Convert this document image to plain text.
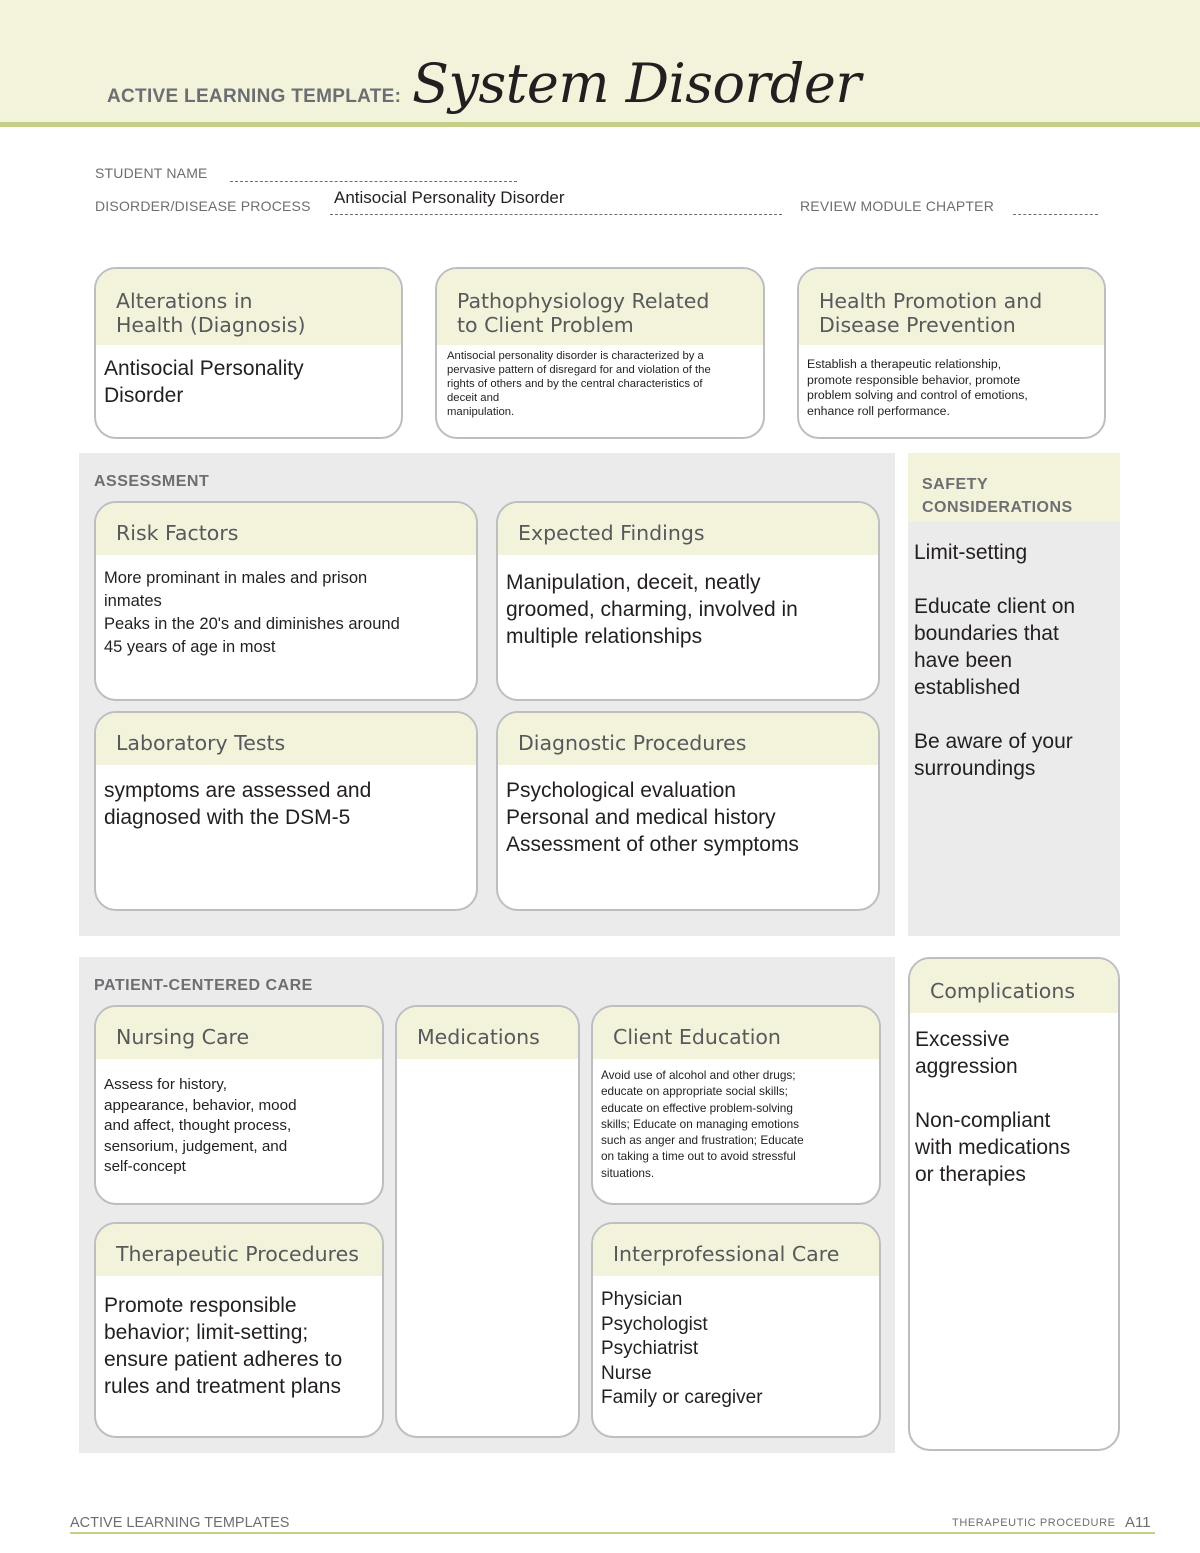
ACTIVE LEARNING TEMPLATE: System Disorder
STUDENT NAME
DISORDER/DISEASE PROCESS Antisocial Personality Disorder	REVIEW MODULE CHAPTER
Alterations in
Health (Diagnosis)
Antisocial Personality
Disorder
Pathophysiology Related
to Client Problem
Antisocial personality disorder is characterized by a
pervasive pattern of disregard for and violation of the
rights of others and by the central characteristics of
deceit and
manipulation.
Health Promotion and
Disease Prevention
Establish a therapeutic relationship,
promote responsible behavior, promote
problem solving and control of emotions,
enhance roll performance.
ASSESSMENT
Risk Factors
More prominant in males and prison
inmates
Peaks in the 20's and diminishes around
45 years of age in most
Expected Findings
Manipulation, deceit, neatly
groomed, charming, involved in
multiple relationships
Laboratory Tests
symptoms are assessed and
diagnosed with the DSM-5
Diagnostic Procedures
Psychological evaluation
Personal and medical history
Assessment of other symptoms
SAFETY
CONSIDERATIONS
Limit-setting

Educate client on
boundaries that
have been
established

Be aware of your
surroundings
PATIENT-CENTERED CARE
Nursing Care
Assess for history,
appearance, behavior, mood
and affect, thought process,
sensorium, judgement, and
self-concept
Medications	Client Education
Avoid use of alcohol and other drugs;
educate on appropriate social skills;
educate on effective problem-solving
skills; Educate on managing emotions
such as anger and frustration; Educate
on taking a time out to avoid stressful
situations.
Therapeutic Procedures
Promote responsible
behavior; limit-setting;
ensure patient adheres to
rules and treatment plans
Interprofessional Care
Physician
Psychologist
Psychiatrist
Nurse
Family or caregiver
Complications
Excessive
aggression

Non-compliant
with medications
or therapies
ACTIVE LEARNING TEMPLATES	THERAPEUTIC PROCEDURE A11
